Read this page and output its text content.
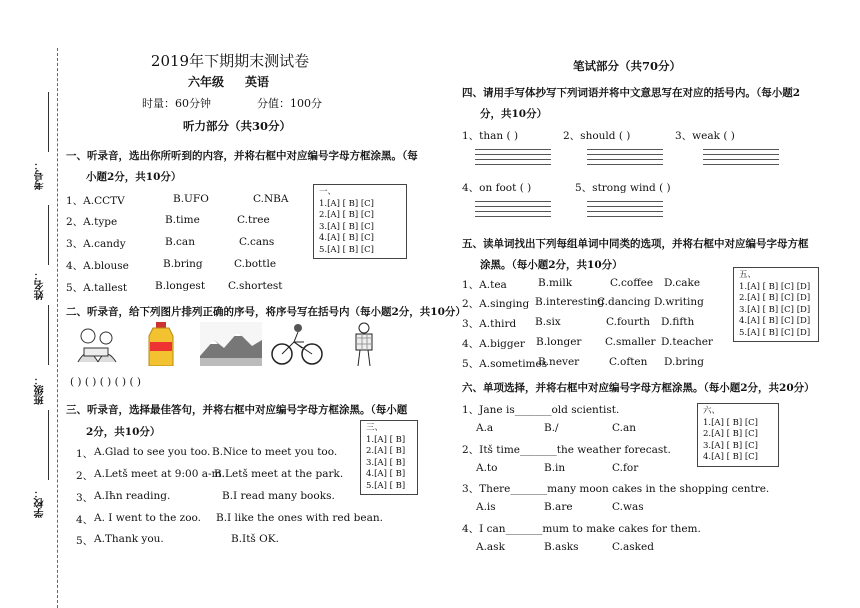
考号：
姓名：
班级：
学校：
2019年下期期末测试卷
六年级 英语
时量：60分钟	分值：100分
听力部分（共30分）
一、听录音，选出你所听到的内容，并将右框中对应编号字母方框涂黑。（每
小题2分，共10分）
1、A.CCTV	B.UFO	C.NBA
2、A.type	B.time	C.tree
3、A.candy	B.can	C.cans
4、A.blouse	B.bring	C.bottle
5、A.tallest	B.longest C.shortest
一、
1.[A] [ B] [C]
2.[A] [ B] [C]
3.[A] [ B] [C]
4.[A] [ B] [C]
5.[A] [ B] [C]
二、听录音，给下列图片排列正确的序号，将序号写在括号内（每小题2分，共10分）
( ) ( ) ( ) ( ) ( )
三、听录音，选择最佳答句，并将右框中对应编号字母方框涂黑。（每小题
2分，共10分）
1、 A.Glad to see you too. B.Nice to meet you too.
2、 A.Letš meet at 9:00 a-m.
B.Letš meet at the park.
3、 A.Iћn reading.	B.I read many books.
4、 A. I went to the zoo. B.I like the ones with red bean.
5、 A.Thank you.	B.Itš OK.
三、
1.[A] [ B]
2.[A] [ B]
3.[A] [ B]
4.[A] [ B]
5.[A] [ B]
笔试部分（共70分）
四、请用手写体抄写下列词语并将中文意思写在对应的括号内。（每小题2
分，共10分）
1、than ( )	2、should ( )	3、weak ( )
4、on foot ( )	5、strong wind ( )
五、读单词找出下列每组单词中同类的选项，并将右框中对应编号字母方框
涂黑。（每小题2分，共10分）
1、A.tea	B.milk	C.coffee D.cake
2、A.singing B.interesting
C.dancing D.writing
3、A.third B.six	C.fourth D.fifth
4、A.bigger B.longer C.smaller D.teacher
5、A.sometimes
B.never	C.often D.bring
五、
1.[A] [ B] [C] [D]
2.[A] [ B] [C] [D]
3.[A] [ B] [C] [D]
4.[A] [ B] [C] [D]
5.[A] [ B] [C] [D]
六、单项选择，并将右框中对应编号字母方框涂黑。（每小题2分，共20分）
1、Jane is_______old scientist.
A.a	B./	C.an
2、Itš time_______the weather forecast.
A.to	B.in	C.for
3、There_______many moon cakes in the shopping centre.
A.is	B.are	C.was
4、I can_______mum to make cakes for them.
A.ask	B.asks	C.asked
六、
1.[A] [ B] [C]
2.[A] [ B] [C]
3.[A] [ B] [C]
4.[A] [ B] [C]
